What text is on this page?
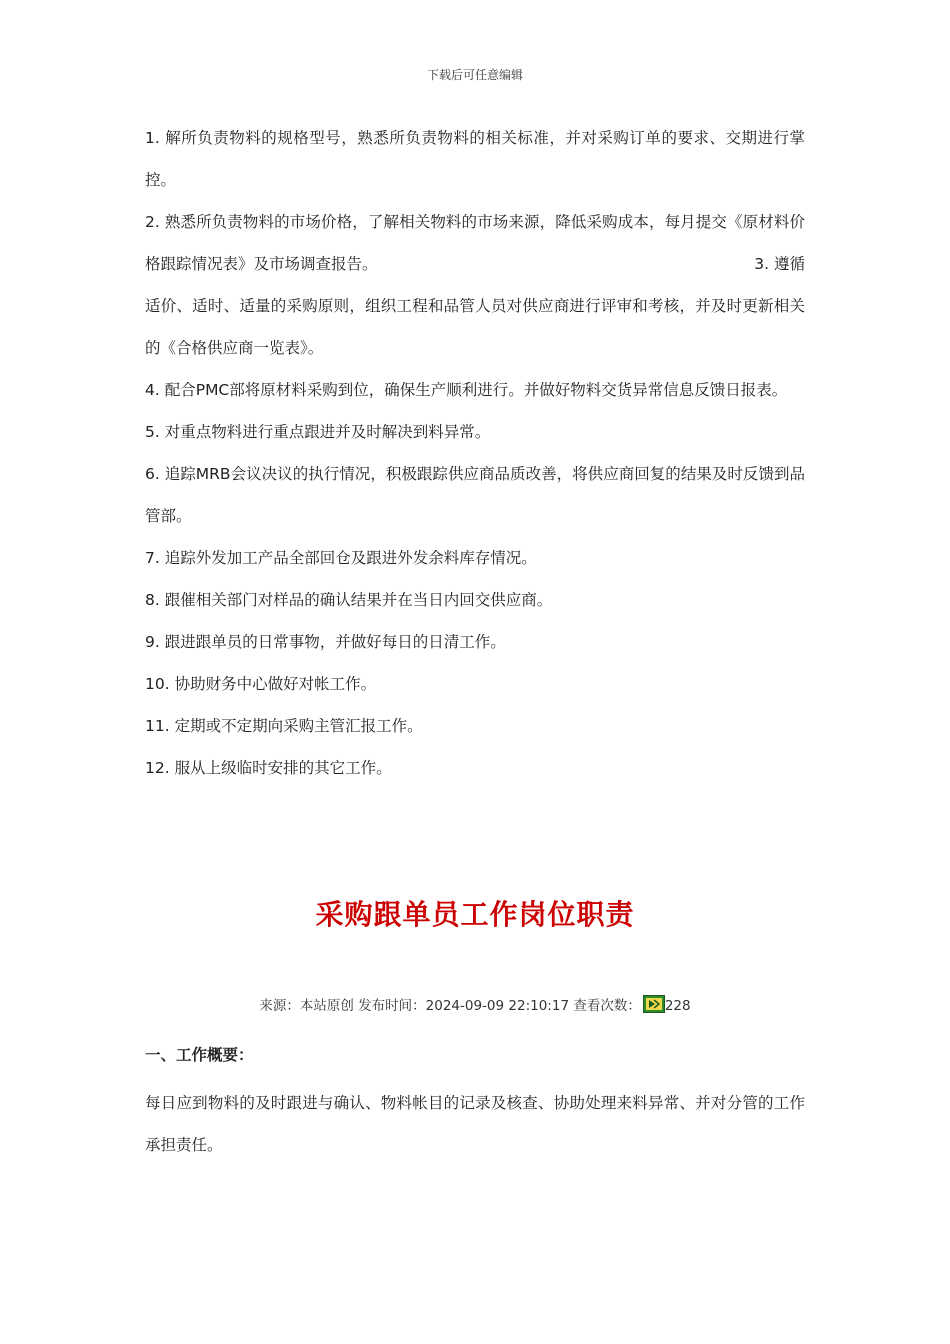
下载后可任意编辑

1. 解所负责物料的规格型号，熟悉所负责物料的相关标准，并对采购订单的要求、交期进行掌控。

2. 熟悉所负责物料的市场价格，了解相关物料的市场来源，降低采购成本，每月提交《原材料价格跟踪情况表》及市场调查报告。	3. 遵循

适价、适时、适量的采购原则，组织工程和品管人员对供应商进行评审和考核，并及时更新相关的《合格供应商一览表》。

4. 配合PMC部将原材料采购到位，确保生产顺利进行。并做好物料交货异常信息反馈日报表。

5. 对重点物料进行重点跟进并及时解决到料异常。

6. 追踪MRB会议决议的执行情况，积极跟踪供应商品质改善，将供应商回复的结果及时反馈到品管部。

7. 追踪外发加工产品全部回仓及跟进外发余料库存情况。

8. 跟催相关部门对样品的确认结果并在当日内回交供应商。

9. 跟进跟单员的日常事物，并做好每日的日清工作。

10. 协助财务中心做好对帐工作。

11. 定期或不定期向采购主管汇报工作。

12. 服从上级临时安排的其它工作。

采购跟单员工作岗位职责
来源：本站原创 发布时间：2024-09-09 22:10:17 查看次数： 228

一、工作概要：

每日应到物料的及时跟进与确认、物料帐目的记录及核查、协助处理来料异常、并对分管的工作承担责任。
